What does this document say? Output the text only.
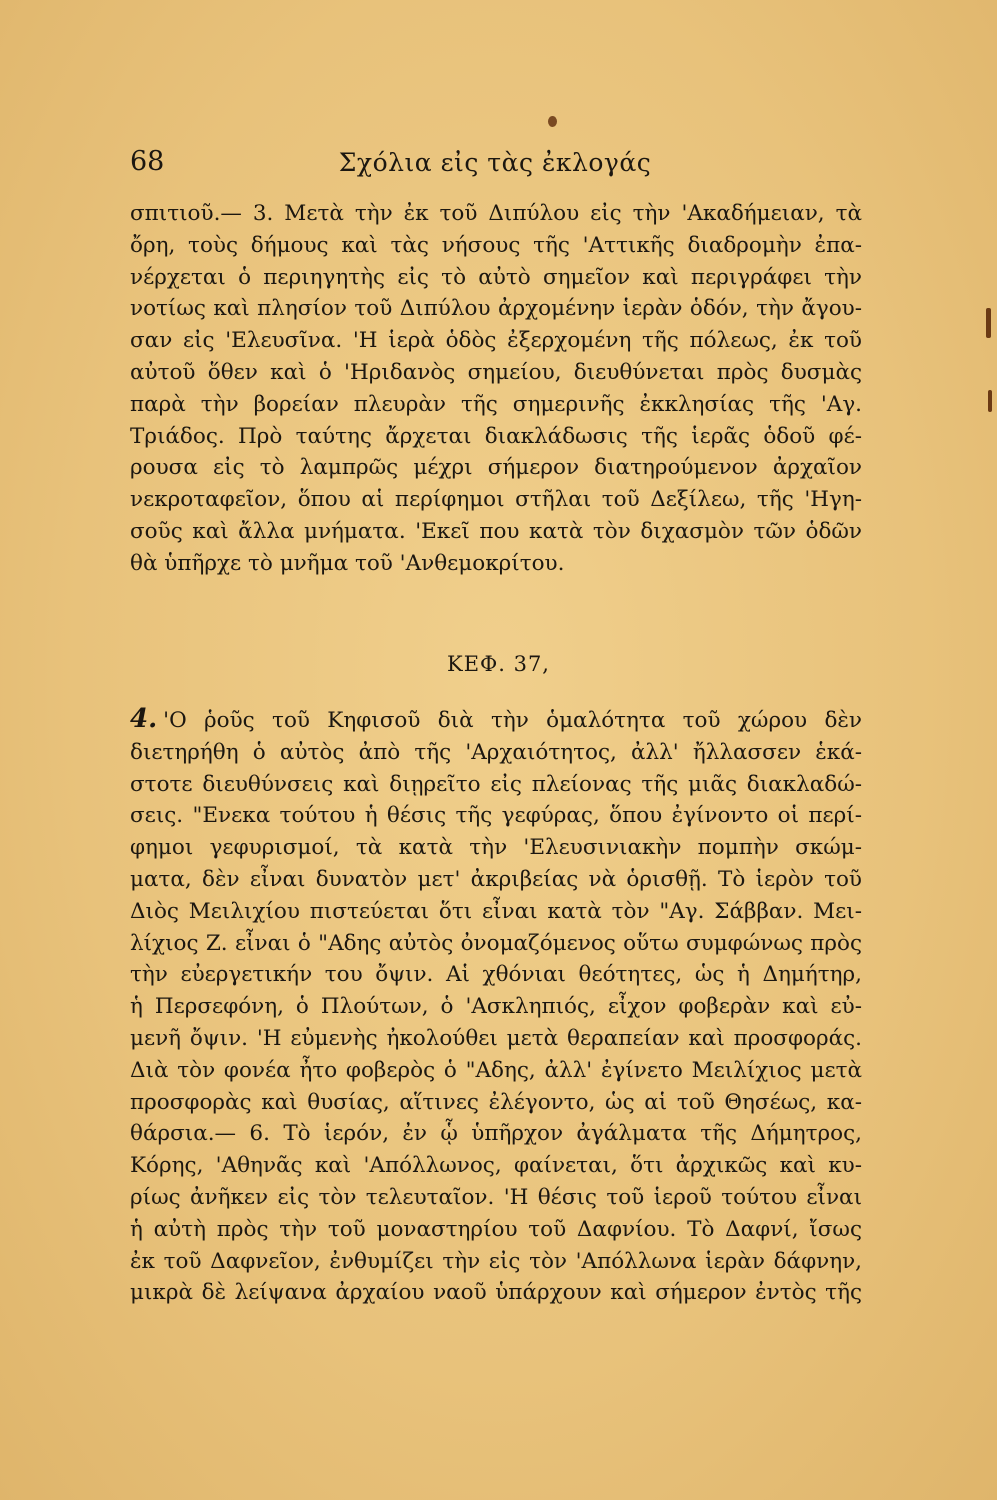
68	Σχόλια εἰς τὰς ἐκλογάς
σπιτιοῦ.— 3. Μετὰ τὴν ἐκ τοῦ Διπύλου εἰς τὴν 'Ακαδήμειαν, τὰ
ὄρη, τοὺς δήμους καὶ τὰς νήσους τῆς 'Αττικῆς διαδρομὴν ἐπα-
νέρχεται ὁ περιηγητὴς εἰς τὸ αὐτὸ σημεῖον καὶ περιγράφει τὴν
νοτίως καὶ πλησίον τοῦ Διπύλου ἀρχομένην ἱερὰν ὁδόν, τὴν ἄγου-
σαν εἰς 'Ελευσῖνα. 'Η ἱερὰ ὁδὸς ἐξερχομένη τῆς πόλεως, ἐκ τοῦ
αὐτοῦ ὅθεν καὶ ὁ 'Ηριδανὸς σημείου, διευθύνεται πρὸς δυσμὰς
παρὰ τὴν βορείαν πλευρὰν τῆς σημερινῆς ἐκκλησίας τῆς 'Αγ.
Τριάδος. Πρὸ ταύτης ἄρχεται διακλάδωσις τῆς ἱερᾶς ὁδοῦ φέ-
ρουσα εἰς τὸ λαμπρῶς μέχρι σήμερον διατηρούμενον ἀρχαῖον
νεκροταφεῖον, ὅπου αἱ περίφημοι στῆλαι τοῦ Δεξίλεω, τῆς 'Ηγη-
σοῦς καὶ ἄλλα μνήματα. 'Εκεῖ που κατὰ τὸν διχασμὸν τῶν ὁδῶν
θὰ ὑπῆρχε τὸ μνῆμα τοῦ 'Ανθεμοκρίτου.
ΚΕΦ. 37,
4. 'Ο ῥοῦς τοῦ Κηφισοῦ διὰ τὴν ὁμαλότητα τοῦ χώρου δὲν
διετηρήθη ὁ αὐτὸς ἀπὸ τῆς 'Αρχαιότητος, ἀλλ' ἤλλασσεν ἑκά-
στοτε διευθύνσεις καὶ διῃρεῖτο εἰς πλείονας τῆς μιᾶς διακλαδώ-
σεις. "Ενεκα τούτου ἡ θέσις τῆς γεφύρας, ὅπου ἐγίνοντο οἱ περί-
φημοι γεφυρισμοί, τὰ κατὰ τὴν 'Ελευσινιακὴν πομπὴν σκώμ-
ματα, δὲν εἶναι δυνατὸν μετ' ἀκριβείας νὰ ὁρισθῇ. Τὸ ἱερὸν τοῦ
Διὸς Μειλιχίου πιστεύεται ὅτι εἶναι κατὰ τὸν "Αγ. Σάββαν. Μει-
λίχιος Ζ. εἶναι ὁ "Αδης αὐτὸς ὀνομαζόμενος οὕτω συμφώνως πρὸς
τὴν εὐεργετικήν του ὄψιν. Αἱ χθόνιαι θεότητες, ὡς ἡ Δημήτηρ,
ἡ Περσεφόνη, ὁ Πλούτων, ὁ 'Ασκληπιός, εἶχον φοβερὰν καὶ εὐ-
μενῆ ὄψιν. 'Η εὐμενὴς ἠκολούθει μετὰ θεραπείαν καὶ προσφοράς.
Διὰ τὸν φονέα ἦτο φοβερὸς ὁ "Αδης, ἀλλ' ἐγίνετο Μειλίχιος μετὰ
προσφορὰς καὶ θυσίας, αἵτινες ἐλέγοντο, ὡς αἱ τοῦ Θησέως, κα-
θάρσια.— 6. Τὸ ἱερόν, ἐν ᾧ ὑπῆρχον ἀγάλματα τῆς Δήμητρος,
Κόρης, 'Αθηνᾶς καὶ 'Απόλλωνος, φαίνεται, ὅτι ἀρχικῶς καὶ κυ-
ρίως ἀνῆκεν εἰς τὸν τελευταῖον. 'Η θέσις τοῦ ἱεροῦ τούτου εἶναι
ἡ αὐτὴ πρὸς τὴν τοῦ μοναστηρίου τοῦ Δαφνίου. Τὸ Δαφνί, ἴσως
ἐκ τοῦ Δαφνεῖον, ἐνθυμίζει τὴν εἰς τὸν 'Απόλλωνα ἱερὰν δάφνην,
μικρὰ δὲ λείψανα ἀρχαίου ναοῦ ὑπάρχουν καὶ σήμερον ἐντὸς τῆς
